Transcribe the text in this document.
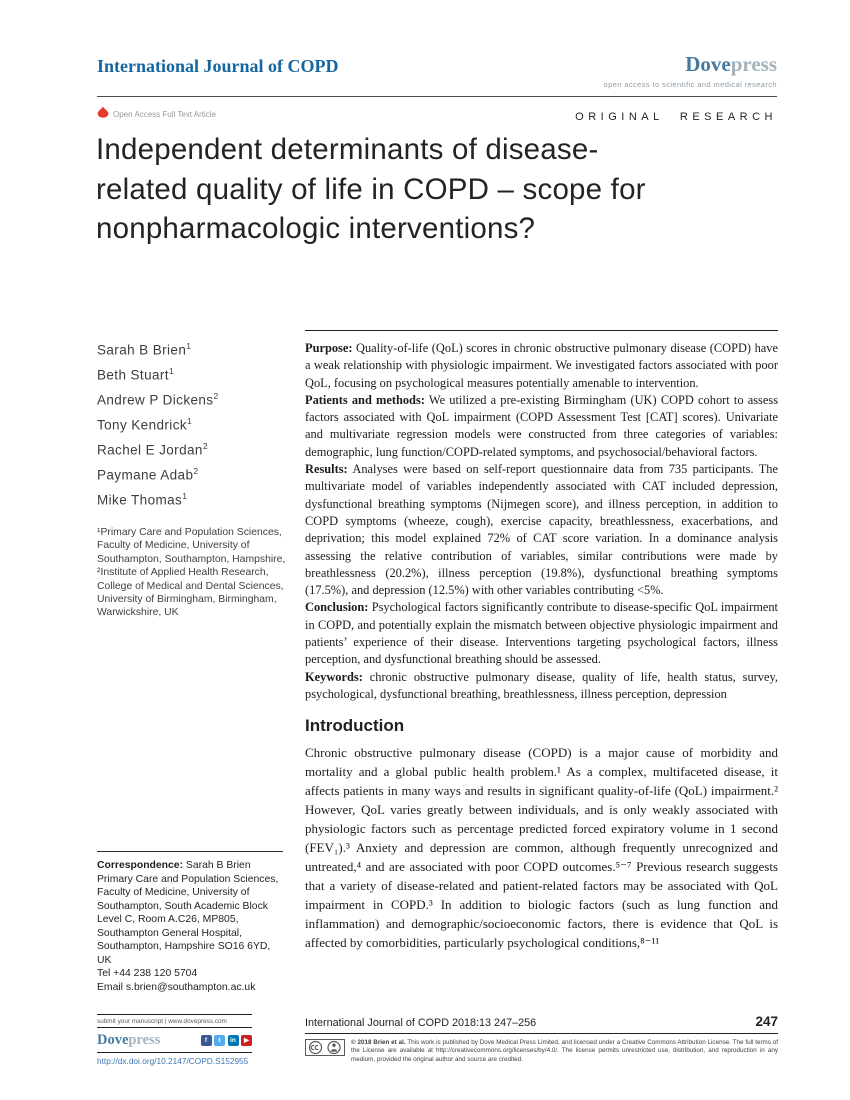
International Journal of COPD	Dovepress
open access to scientific and medical research
Open Access Full Text Article	ORIGINAL RESEARCH
Independent determinants of disease-
related quality of life in COPD – scope for
nonpharmacologic interventions?
Sarah B Brien$^1$
Beth Stuart$^1$
Andrew P Dickens$^2$
Tony Kendrick$^1$
Rachel E Jordan$^2$
Paymane Adab$^2$
Mike Thomas$^1$
¹Primary Care and Population Sciences, Faculty of Medicine, University of Southampton, Southampton, Hampshire, ²Institute of Applied Health Research, College of Medical and Dental Sciences, University of Birmingham, Birmingham, Warwickshire, UK
Correspondence: Sarah B Brien
Primary Care and Population Sciences, Faculty of Medicine, University of Southampton, South Academic Block Level C, Room A.C26, MP805, Southampton General Hospital, Southampton, Hampshire SO16 6YD, UK
Tel +44 238 120 5704
Email s.brien@southampton.ac.uk

Purpose: Quality-of-life (QoL) scores in chronic obstructive pulmonary disease (COPD) have a weak relationship with physiologic impairment. We investigated factors associated with poor QoL, focusing on psychological measures potentially amenable to intervention.

Patients and methods: We utilized a pre-existing Birmingham (UK) COPD cohort to assess factors associated with QoL impairment (COPD Assessment Test [CAT] scores). Univariate and multivariate regression models were constructed from three categories of variables: demographic, lung function/COPD-related symptoms, and psychosocial/behavioral factors.

Results: Analyses were based on self-report questionnaire data from 735 participants. The multivariate model of variables independently associated with CAT included depression, dysfunctional breathing symptoms (Nijmegen score), and illness perception, in addition to COPD symptoms (wheeze, cough), exercise capacity, breathlessness, exacerbations, and deprivation; this model explained 72% of CAT score variation. In a dominance analysis assessing the relative contribution of variables, similar contributions were made by breathlessness (20.2%), illness perception (19.8%), dysfunctional breathing symptoms (17.5%), and depression (12.5%) with other variables contributing <5%.

Conclusion: Psychological factors significantly contribute to disease-specific QoL impairment in COPD, and potentially explain the mismatch between objective physiologic impairment and patients’ experience of their disease. Interventions targeting psychological factors, illness perception, and dysfunctional breathing should be assessed.

Keywords: chronic obstructive pulmonary disease, quality of life, health status, survey, psychological, dysfunctional breathing, breathlessness, illness perception, depression

Introduction

Chronic obstructive pulmonary disease (COPD) is a major cause of morbidity and mortality and a global public health problem.¹ As a complex, multifaceted disease, it affects patients in many ways and results in significant quality-of-life (QoL) impairment.² However, QoL varies greatly between individuals, and is only weakly associated with physiologic factors such as percentage predicted forced expiratory volume in 1 second (FEV₁).³ Anxiety and depression are common, although frequently unrecognized and untreated,⁴ and are associated with poor COPD outcomes.⁵⁻⁷ Previous research suggests that a variety of disease-related and patient-related factors may be associated with QoL impairment in COPD.³ In addition to biologic factors (such as lung function and inflammation) and demographic/socioeconomic factors, there is evidence that QoL is affected by comorbidities, particularly psychological conditions,⁸⁻¹¹

submit your manuscript | www.dovepress.com
Dovepress	f	t	in	▶
http://dx.doi.org/10.2147/COPD.S152955
International Journal of COPD 2018:13 247–256	247
© 2018 Brien et al. This work is published by Dove Medical Press Limited, and licensed under a Creative Commons Attribution License. The full terms of the License are available at http://creativecommons.org/licenses/by/4.0/. The license permits unrestricted use, distribution, and reproduction in any medium, provided the original author and source are credited.
